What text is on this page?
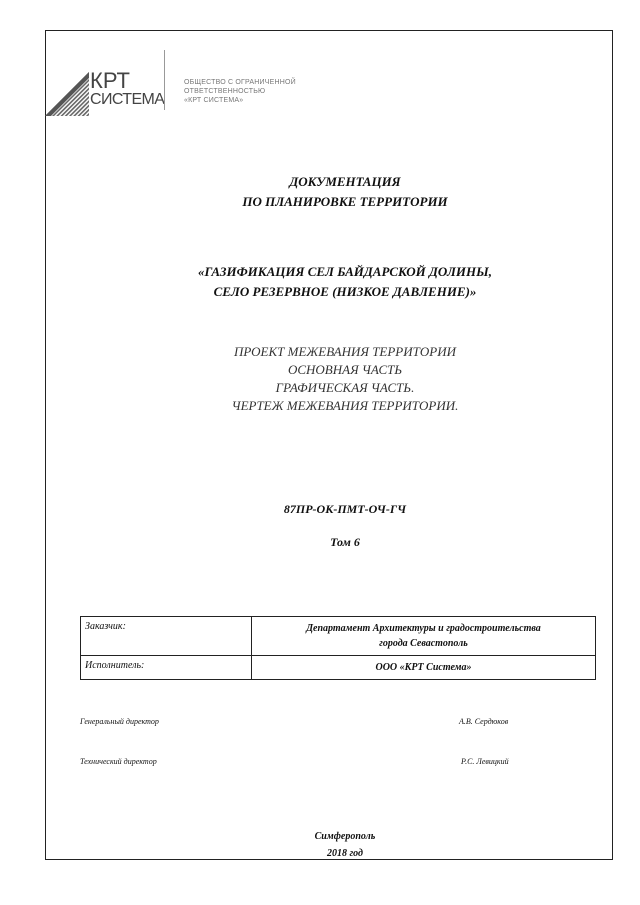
КРТ
СИСТЕМА
ОБЩЕСТВО С ОГРАНИЧЕННОЙ
ОТВЕТСТВЕННОСТЬЮ
«КРТ СИСТЕМА»
ДОКУМЕНТАЦИЯ
ПО ПЛАНИРОВКЕ ТЕРРИТОРИИ
«ГАЗИФИКАЦИЯ СЕЛ БАЙДАРСКОЙ ДОЛИНЫ,
СЕЛО РЕЗЕРВНОЕ (НИЗКОЕ ДАВЛЕНИЕ)»
ПРОЕКТ МЕЖЕВАНИЯ ТЕРРИТОРИИ
ОСНОВНАЯ ЧАСТЬ
ГРАФИЧЕСКАЯ ЧАСТЬ.
ЧЕРТЕЖ МЕЖЕВАНИЯ ТЕРРИТОРИИ.
87ПР-ОК-ПМТ-ОЧ-ГЧ
Том 6
Заказчик:	Департамент Архитектуры и градостроительства
города Севастополь

Исполнитель:	ООО «КРТ Система»
Генеральный директор	А.В. Сердюков
Технический директор	Р.С. Левицкий
Симферополь
2018 год
